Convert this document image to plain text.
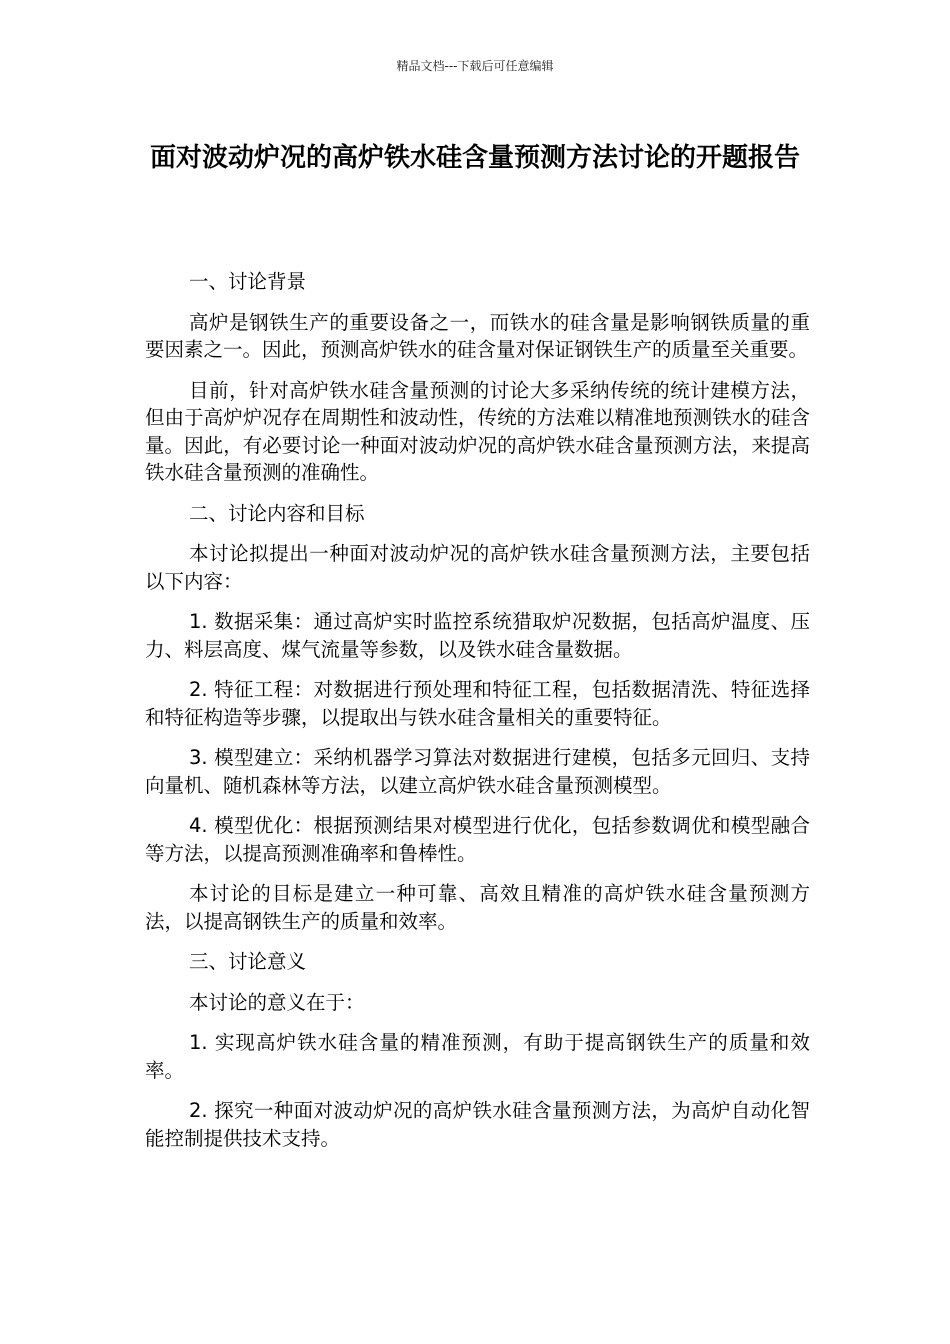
精品文档---下载后可任意编辑
面对波动炉况的高炉铁水硅含量预测方法讨论的开题报告

一、讨论背景

高炉是钢铁生产的重要设备之一，而铁水的硅含量是影响钢铁质量的重要因素之一。因此，预测高炉铁水的硅含量对保证钢铁生产的质量至关重要。

目前，针对高炉铁水硅含量预测的讨论大多采纳传统的统计建模方法，但由于高炉炉况存在周期性和波动性，传统的方法难以精准地预测铁水的硅含量。因此，有必要讨论一种面对波动炉况的高炉铁水硅含量预测方法，来提高铁水硅含量预测的准确性。

二、讨论内容和目标

本讨论拟提出一种面对波动炉况的高炉铁水硅含量预测方法，主要包括以下内容：

1. 数据采集：通过高炉实时监控系统猎取炉况数据，包括高炉温度、压力、料层高度、煤气流量等参数，以及铁水硅含量数据。

2. 特征工程：对数据进行预处理和特征工程，包括数据清洗、特征选择和特征构造等步骤，以提取出与铁水硅含量相关的重要特征。

3. 模型建立：采纳机器学习算法对数据进行建模，包括多元回归、支持向量机、随机森林等方法，以建立高炉铁水硅含量预测模型。

4. 模型优化：根据预测结果对模型进行优化，包括参数调优和模型融合等方法，以提高预测准确率和鲁棒性。

本讨论的目标是建立一种可靠、高效且精准的高炉铁水硅含量预测方法，以提高钢铁生产的质量和效率。

三、讨论意义

本讨论的意义在于：

1. 实现高炉铁水硅含量的精准预测，有助于提高钢铁生产的质量和效率。

2. 探究一种面对波动炉况的高炉铁水硅含量预测方法，为高炉自动化智能控制提供技术支持。
